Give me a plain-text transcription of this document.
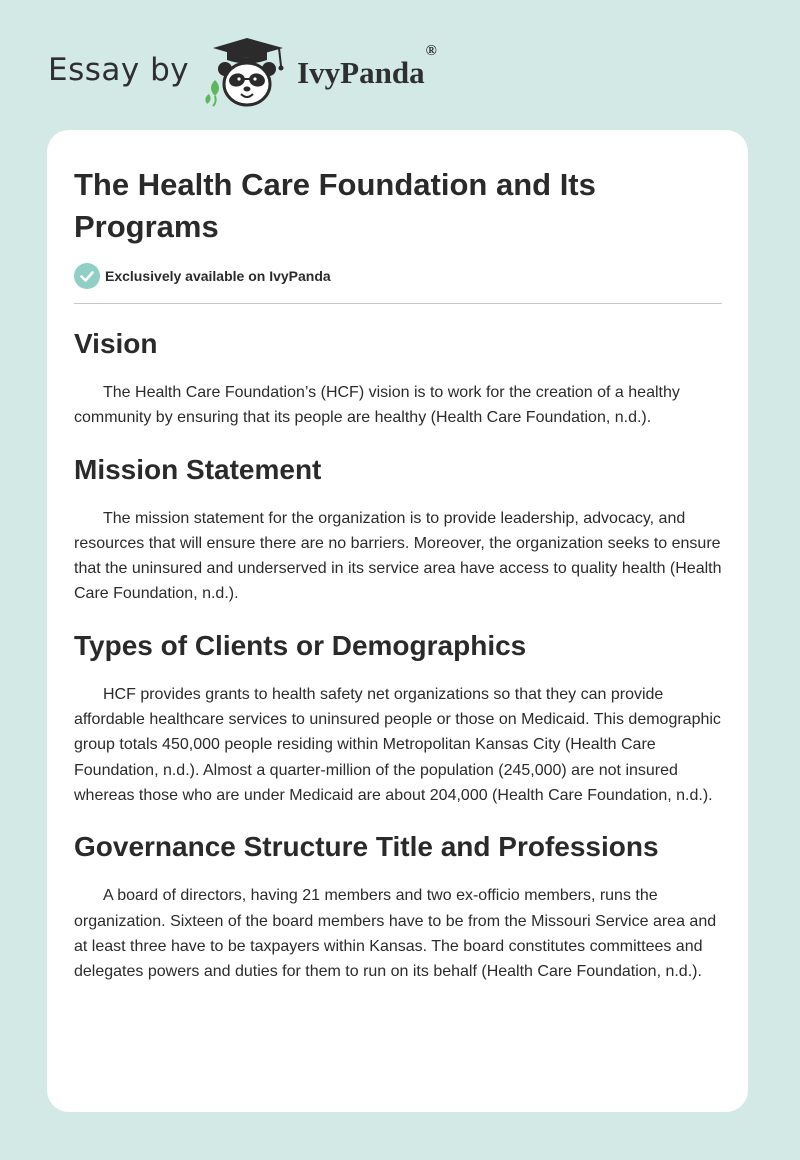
Essay by	IvyPanda®
The Health Care Foundation and Its Programs
Exclusively available on IvyPanda
Vision

The Health Care Foundation’s (HCF) vision is to work for the creation of a healthy community by ensuring that its people are healthy (Health Care Foundation, n.d.).

Mission Statement

The mission statement for the organization is to provide leadership, advocacy, and resources that will ensure there are no barriers. Moreover, the organization seeks to ensure that the uninsured and underserved in its service area have access to quality health (Health Care Foundation, n.d.).

Types of Clients or Demographics

HCF provides grants to health safety net organizations so that they can provide affordable healthcare services to uninsured people or those on Medicaid. This demographic group totals 450,000 people residing within Metropolitan Kansas City (Health Care Foundation, n.d.). Almost a quarter-million of the population (245,000) are not insured whereas those who are under Medicaid are about 204,000 (Health Care Foundation, n.d.).

Governance Structure Title and Professions

A board of directors, having 21 members and two ex-officio members, runs the organization. Sixteen of the board members have to be from the Missouri Service area and at least three have to be taxpayers within Kansas. The board constitutes committees and delegates powers and duties for them to run on its behalf (Health Care Foundation, n.d.).
